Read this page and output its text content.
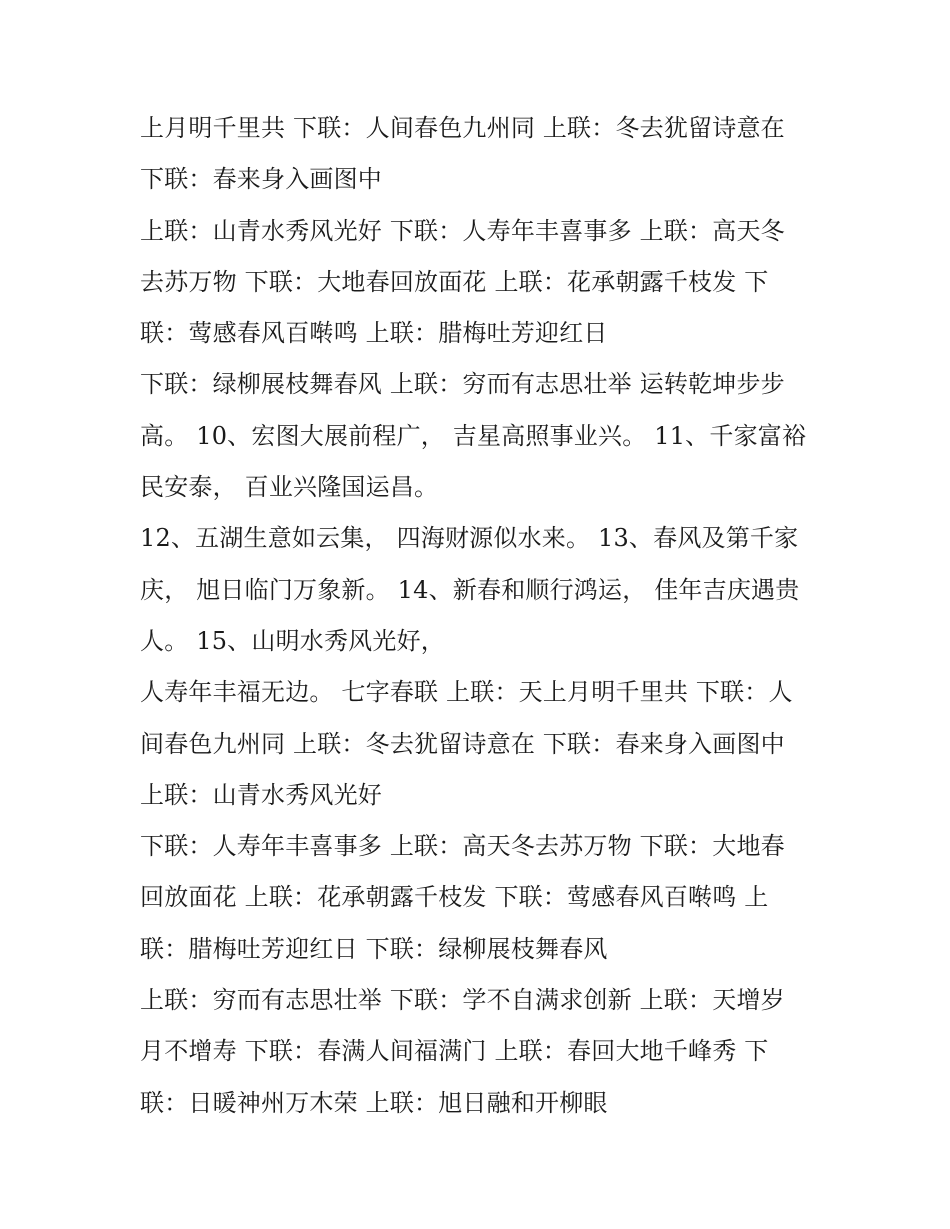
上月明千里共 下联：人间春色九州同 上联：冬去犹留诗意在
下联：春来身入画图中
上联：山青水秀风光好 下联：人寿年丰喜事多 上联：高天冬
去苏万物 下联：大地春回放面花 上联：花承朝露千枝发 下
联：莺感春风百啭鸣 上联：腊梅吐芳迎红日
下联：绿柳展枝舞春风 上联：穷而有志思壮举 运转乾坤步步
高。 10、宏图大展前程广， 吉星高照事业兴。 11、千家富裕
民安泰， 百业兴隆国运昌。
12、五湖生意如云集， 四海财源似水来。 13、春风及第千家
庆， 旭日临门万象新。 14、新春和顺行鸿运， 佳年吉庆遇贵
人。 15、山明水秀风光好，
人寿年丰福无边。 七字春联 上联：天上月明千里共 下联：人
间春色九州同 上联：冬去犹留诗意在 下联：春来身入画图中
上联：山青水秀风光好
下联：人寿年丰喜事多 上联：高天冬去苏万物 下联：大地春
回放面花 上联：花承朝露千枝发 下联：莺感春风百啭鸣 上
联：腊梅吐芳迎红日 下联：绿柳展枝舞春风
上联：穷而有志思壮举 下联：学不自满求创新 上联：天增岁
月不增寿 下联：春满人间福满门 上联：春回大地千峰秀 下
联：日暖神州万木荣 上联：旭日融和开柳眼
